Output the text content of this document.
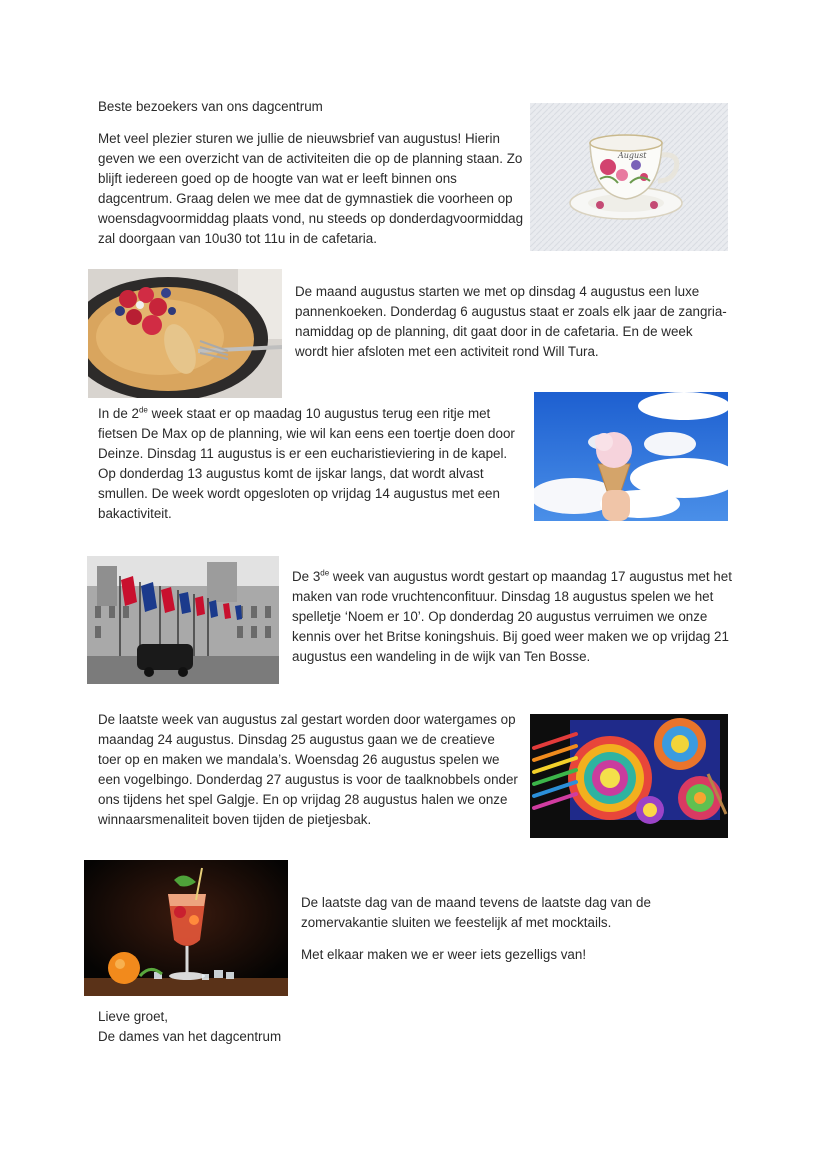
Beste bezoekers van ons dagcentrum

Met veel plezier sturen we jullie de nieuwsbrief van augustus! Hierin geven we een overzicht van de activiteiten die op de planning staan. Zo blijft iedereen goed op de hoogte van wat er leeft binnen ons dagcentrum. Graag delen we mee dat de gymnastiek die voorheen op woensdagvoormiddag plaats vond, nu steeds op donderdagvoormiddag zal doorgaan van 10u30 tot 11u in de cafetaria.

August

De maand augustus starten we met op dinsdag 4 augustus een luxe pannenkoeken. Donderdag 6 augustus staat er zoals elk jaar de zangria-namiddag op de planning, dit gaat door in de cafetaria. En de week wordt hier afsloten met een activiteit rond Will Tura.

In de 2de week staat er op maadag 10 augustus terug een ritje met fietsen De Max op de planning, wie wil kan eens een toertje doen door Deinze. Dinsdag 11 augustus is er een eucharistieviering in de kapel. Op donderdag 13 augustus komt de ijskar langs, dat wordt alvast smullen. De week wordt opgesloten op vrijdag 14 augustus met een bakactiviteit.

De 3de week van augustus wordt gestart op maandag 17 augustus met het maken van rode vruchtenconfituur. Dinsdag 18 augustus spelen we het spelletje ‘Noem er 10’. Op donderdag 20 augustus verruimen we onze kennis over het Britse koningshuis. Bij goed weer maken we op vrijdag 21 augustus een wandeling in de wijk van Ten Bosse.

De laatste week van augustus zal gestart worden door watergames op maandag 24 augustus. Dinsdag 25 augustus gaan we de creatieve toer op en maken we mandala’s. Woensdag 26 augustus spelen we een vogelbingo. Donderdag 27 augustus is voor de taalknobbels onder ons tijdens het spel Galgje. En op vrijdag 28 augustus halen we onze winnaarsmenaliteit boven tijden de pietjesbak.

De laatste dag van de maand tevens de laatste dag van de zomervakantie sluiten we feestelijk af met mocktails.

Met elkaar maken we er weer iets gezelligs van!

Lieve groet,

De dames van het dagcentrum
